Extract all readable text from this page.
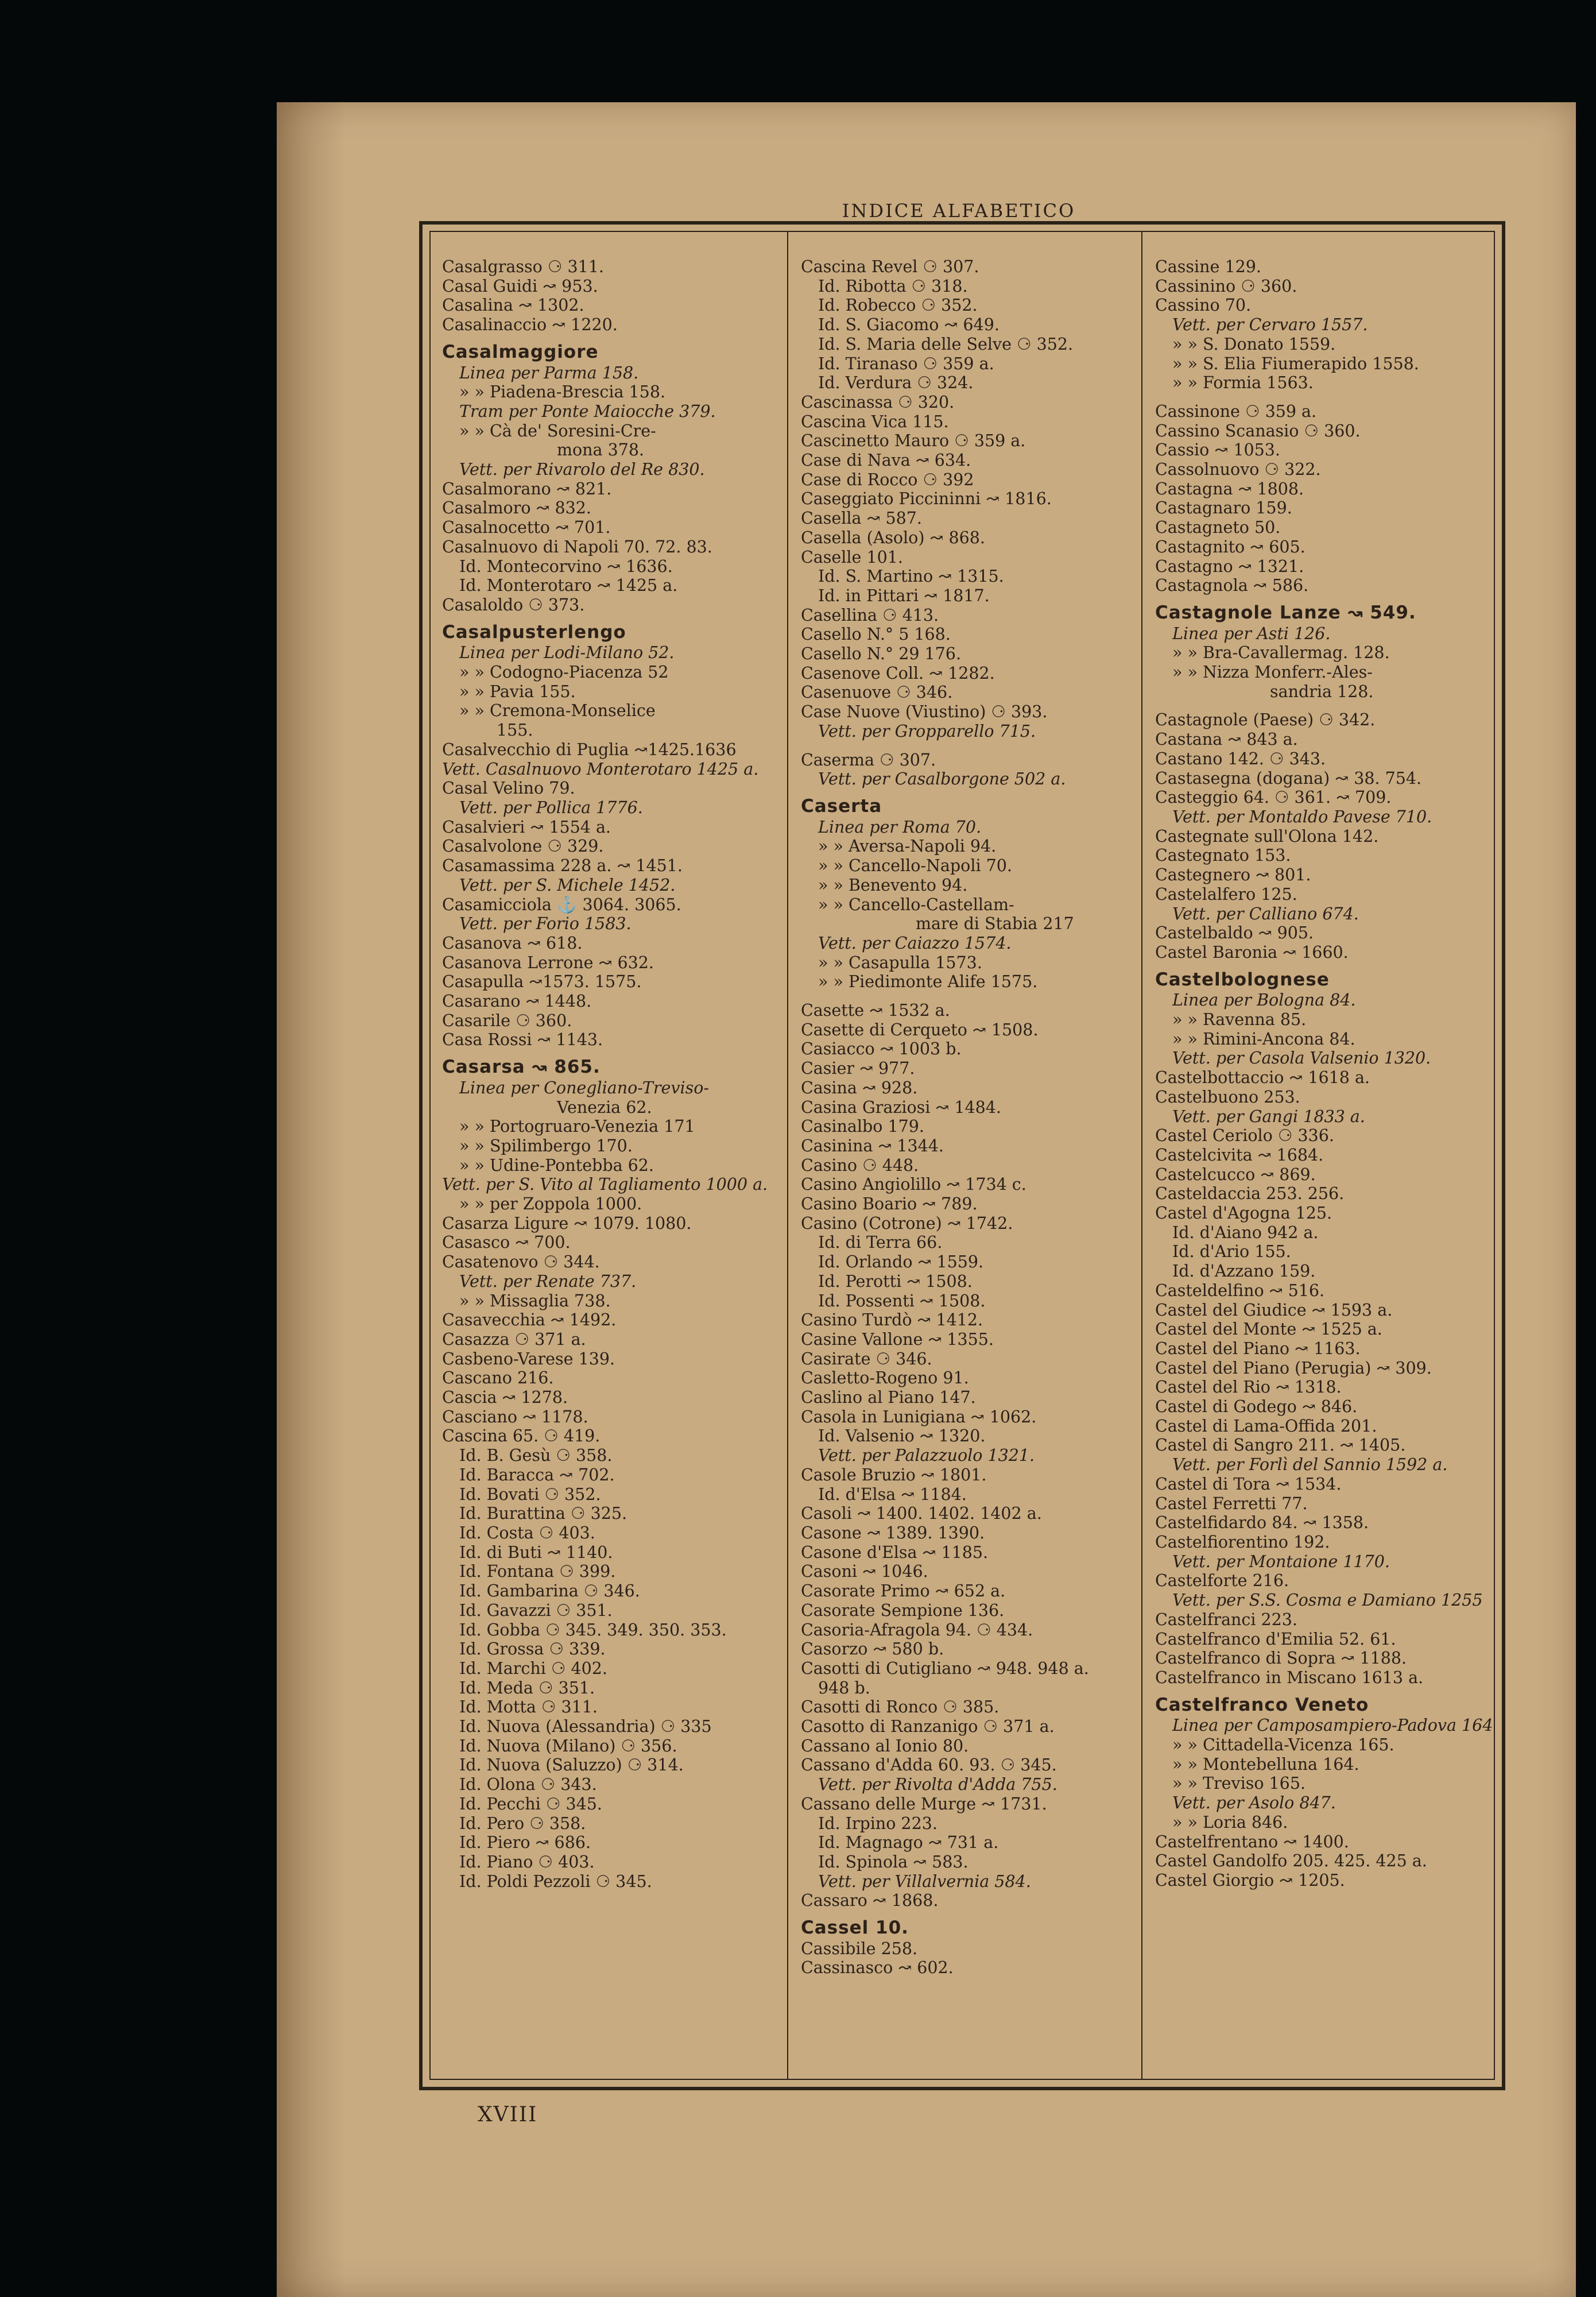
INDICE ALFABETICO
Casalgrasso ⚆ 311.
Casal Guidi ↝ 953.
Casalina ↝ 1302.
Casalinaccio ↝ 1220.
Casalmaggiore
Linea per Parma 158.
» » Piadena-Brescia 158.
Tram per Ponte Maiocche 379.
» » Cà de' Soresini-Cre-
mona 378.
Vett. per Rivarolo del Re 830.
Casalmorano ↝ 821.
Casalmoro ↝ 832.
Casalnocetto ↝ 701.
Casalnuovo di Napoli 70. 72. 83.
Id. Montecorvino ↝ 1636.
Id. Monterotaro ↝ 1425 a.
Casaloldo ⚆ 373.
Casalpusterlengo
Linea per Lodi-Milano 52.
» » Codogno-Piacenza 52
» » Pavia 155.
» » Cremona-Monselice
155.
Casalvecchio di Puglia ↝1425.1636
Vett. Casalnuovo Monterotaro 1425 a.
Casal Velino 79.
Vett. per Pollica 1776.
Casalvieri ↝ 1554 a.
Casalvolone ⚆ 329.
Casamassima 228 a. ↝ 1451.
Vett. per S. Michele 1452.
Casamicciola ⚓ 3064. 3065.
Vett. per Forio 1583.
Casanova ↝ 618.
Casanova Lerrone ↝ 632.
Casapulla ↝1573. 1575.
Casarano ↝ 1448.
Casarile ⚆ 360.
Casa Rossi ↝ 1143.
Casarsa ↝ 865.
Linea per Conegliano-Treviso-
Venezia 62.
» » Portogruaro-Venezia 171
» » Spilimbergo 170.
» » Udine-Pontebba 62.
Vett. per S. Vito al Tagliamento 1000 a.
» » per Zoppola 1000.
Casarza Ligure ↝ 1079. 1080.
Casasco ↝ 700.
Casatenovo ⚆ 344.
Vett. per Renate 737.
» » Missaglia 738.
Casavecchia ↝ 1492.
Casazza ⚆ 371 a.
Casbeno-Varese 139.
Cascano 216.
Cascia ↝ 1278.
Casciano ↝ 1178.
Cascina 65. ⚆ 419.
Id. B. Gesù ⚆ 358.
Id. Baracca ↝ 702.
Id. Bovati ⚆ 352.
Id. Burattina ⚆ 325.
Id. Costa ⚆ 403.
Id. di Buti ↝ 1140.
Id. Fontana ⚆ 399.
Id. Gambarina ⚆ 346.
Id. Gavazzi ⚆ 351.
Id. Gobba ⚆ 345. 349. 350. 353.
Id. Grossa ⚆ 339.
Id. Marchi ⚆ 402.
Id. Meda ⚆ 351.
Id. Motta ⚆ 311.
Id. Nuova (Alessandria) ⚆ 335
Id. Nuova (Milano) ⚆ 356.
Id. Nuova (Saluzzo) ⚆ 314.
Id. Olona ⚆ 343.
Id. Pecchi ⚆ 345.
Id. Pero ⚆ 358.
Id. Piero ↝ 686.
Id. Piano ⚆ 403.
Id. Poldi Pezzoli ⚆ 345.
Cascina Revel ⚆ 307.
Id. Ribotta ⚆ 318.
Id. Robecco ⚆ 352.
Id. S. Giacomo ↝ 649.
Id. S. Maria delle Selve ⚆ 352.
Id. Tiranaso ⚆ 359 a.
Id. Verdura ⚆ 324.
Cascinassa ⚆ 320.
Cascina Vica 115.
Cascinetto Mauro ⚆ 359 a.
Case di Nava ↝ 634.
Case di Rocco ⚆ 392
Caseggiato Piccininni ↝ 1816.
Casella ↝ 587.
Casella (Asolo) ↝ 868.
Caselle 101.
Id. S. Martino ↝ 1315.
Id. in Pittari ↝ 1817.
Casellina ⚆ 413.
Casello N.° 5 168.
Casello N.° 29 176.
Casenove Coll. ↝ 1282.
Casenuove ⚆ 346.
Case Nuove (Viustino) ⚆ 393.
Vett. per Gropparello 715.
Caserma ⚆ 307.
Vett. per Casalborgone 502 a.
Caserta
Linea per Roma 70.
» » Aversa-Napoli 94.
» » Cancello-Napoli 70.
» » Benevento 94.
» » Cancello-Castellam-
mare di Stabia 217
Vett. per Caiazzo 1574.
» » Casapulla 1573.
» » Piedimonte Alife 1575.
Casette ↝ 1532 a.
Casette di Cerqueto ↝ 1508.
Casiacco ↝ 1003 b.
Casier ↝ 977.
Casina ↝ 928.
Casina Graziosi ↝ 1484.
Casinalbo 179.
Casinina ↝ 1344.
Casino ⚆ 448.
Casino Angiolillo ↝ 1734 c.
Casino Boario ↝ 789.
Casino (Cotrone) ↝ 1742.
Id. di Terra 66.
Id. Orlando ↝ 1559.
Id. Perotti ↝ 1508.
Id. Possenti ↝ 1508.
Casino Turdò ↝ 1412.
Casine Vallone ↝ 1355.
Casirate ⚆ 346.
Casletto-Rogeno 91.
Caslino al Piano 147.
Casola in Lunigiana ↝ 1062.
Id. Valsenio ↝ 1320.
Vett. per Palazzuolo 1321.
Casole Bruzio ↝ 1801.
Id. d'Elsa ↝ 1184.
Casoli ↝ 1400. 1402. 1402 a.
Casone ↝ 1389. 1390.
Casone d'Elsa ↝ 1185.
Casoni ↝ 1046.
Casorate Primo ↝ 652 a.
Casorate Sempione 136.
Casoria-Afragola 94. ⚆ 434.
Casorzo ↝ 580 b.
Casotti di Cutigliano ↝ 948. 948 a.
948 b.
Casotti di Ronco ⚆ 385.
Casotto di Ranzanigo ⚆ 371 a.
Cassano al Ionio 80.
Cassano d'Adda 60. 93. ⚆ 345.
Vett. per Rivolta d'Adda 755.
Cassano delle Murge ↝ 1731.
Id. Irpino 223.
Id. Magnago ↝ 731 a.
Id. Spinola ↝ 583.
Vett. per Villalvernia 584.
Cassaro ↝ 1868.
Cassel 10.
Cassibile 258.
Cassinasco ↝ 602.
Cassine 129.
Cassinino ⚆ 360.
Cassino 70.
Vett. per Cervaro 1557.
» » S. Donato 1559.
» » S. Elia Fiumerapido 1558.
» » Formia 1563.
Cassinone ⚆ 359 a.
Cassino Scanasio ⚆ 360.
Cassio ↝ 1053.
Cassolnuovo ⚆ 322.
Castagna ↝ 1808.
Castagnaro 159.
Castagneto 50.
Castagnito ↝ 605.
Castagno ↝ 1321.
Castagnola ↝ 586.
Castagnole Lanze ↝ 549.
Linea per Asti 126.
» » Bra-Cavallermag. 128.
» » Nizza Monferr.-Ales-
sandria 128.
Castagnole (Paese) ⚆ 342.
Castana ↝ 843 a.
Castano 142. ⚆ 343.
Castasegna (dogana) ↝ 38. 754.
Casteggio 64. ⚆ 361. ↝ 709.
Vett. per Montaldo Pavese 710.
Castegnate sull'Olona 142.
Castegnato 153.
Castegnero ↝ 801.
Castelalfero 125.
Vett. per Calliano 674.
Castelbaldo ↝ 905.
Castel Baronia ↝ 1660.
Castelbolognese
Linea per Bologna 84.
» » Ravenna 85.
» » Rimini-Ancona 84.
Vett. per Casola Valsenio 1320.
Castelbottaccio ↝ 1618 a.
Castelbuono 253.
Vett. per Gangi 1833 a.
Castel Ceriolo ⚆ 336.
Castelcivita ↝ 1684.
Castelcucco ↝ 869.
Casteldaccia 253. 256.
Castel d'Agogna 125.
Id. d'Aiano 942 a.
Id. d'Ario 155.
Id. d'Azzano 159.
Casteldelfino ↝ 516.
Castel del Giudice ↝ 1593 a.
Castel del Monte ↝ 1525 a.
Castel del Piano ↝ 1163.
Castel del Piano (Perugia) ↝ 309.
Castel del Rio ↝ 1318.
Castel di Godego ↝ 846.
Castel di Lama-Offida 201.
Castel di Sangro 211. ↝ 1405.
Vett. per Forlì del Sannio 1592 a.
Castel di Tora ↝ 1534.
Castel Ferretti 77.
Castelfidardo 84. ↝ 1358.
Castelfiorentino 192.
Vett. per Montaione 1170.
Castelforte 216.
Vett. per S.S. Cosma e Damiano 1255
Castelfranci 223.
Castelfranco d'Emilia 52. 61.
Castelfranco di Sopra ↝ 1188.
Castelfranco in Miscano 1613 a.
Castelfranco Veneto
Linea per Camposampiero-Padova 164
» » Cittadella-Vicenza 165.
» » Montebelluna 164.
» » Treviso 165.
Vett. per Asolo 847.
» » Loria 846.
Castelfrentano ↝ 1400.
Castel Gandolfo 205. 425. 425 a.
Castel Giorgio ↝ 1205.
XVIII
